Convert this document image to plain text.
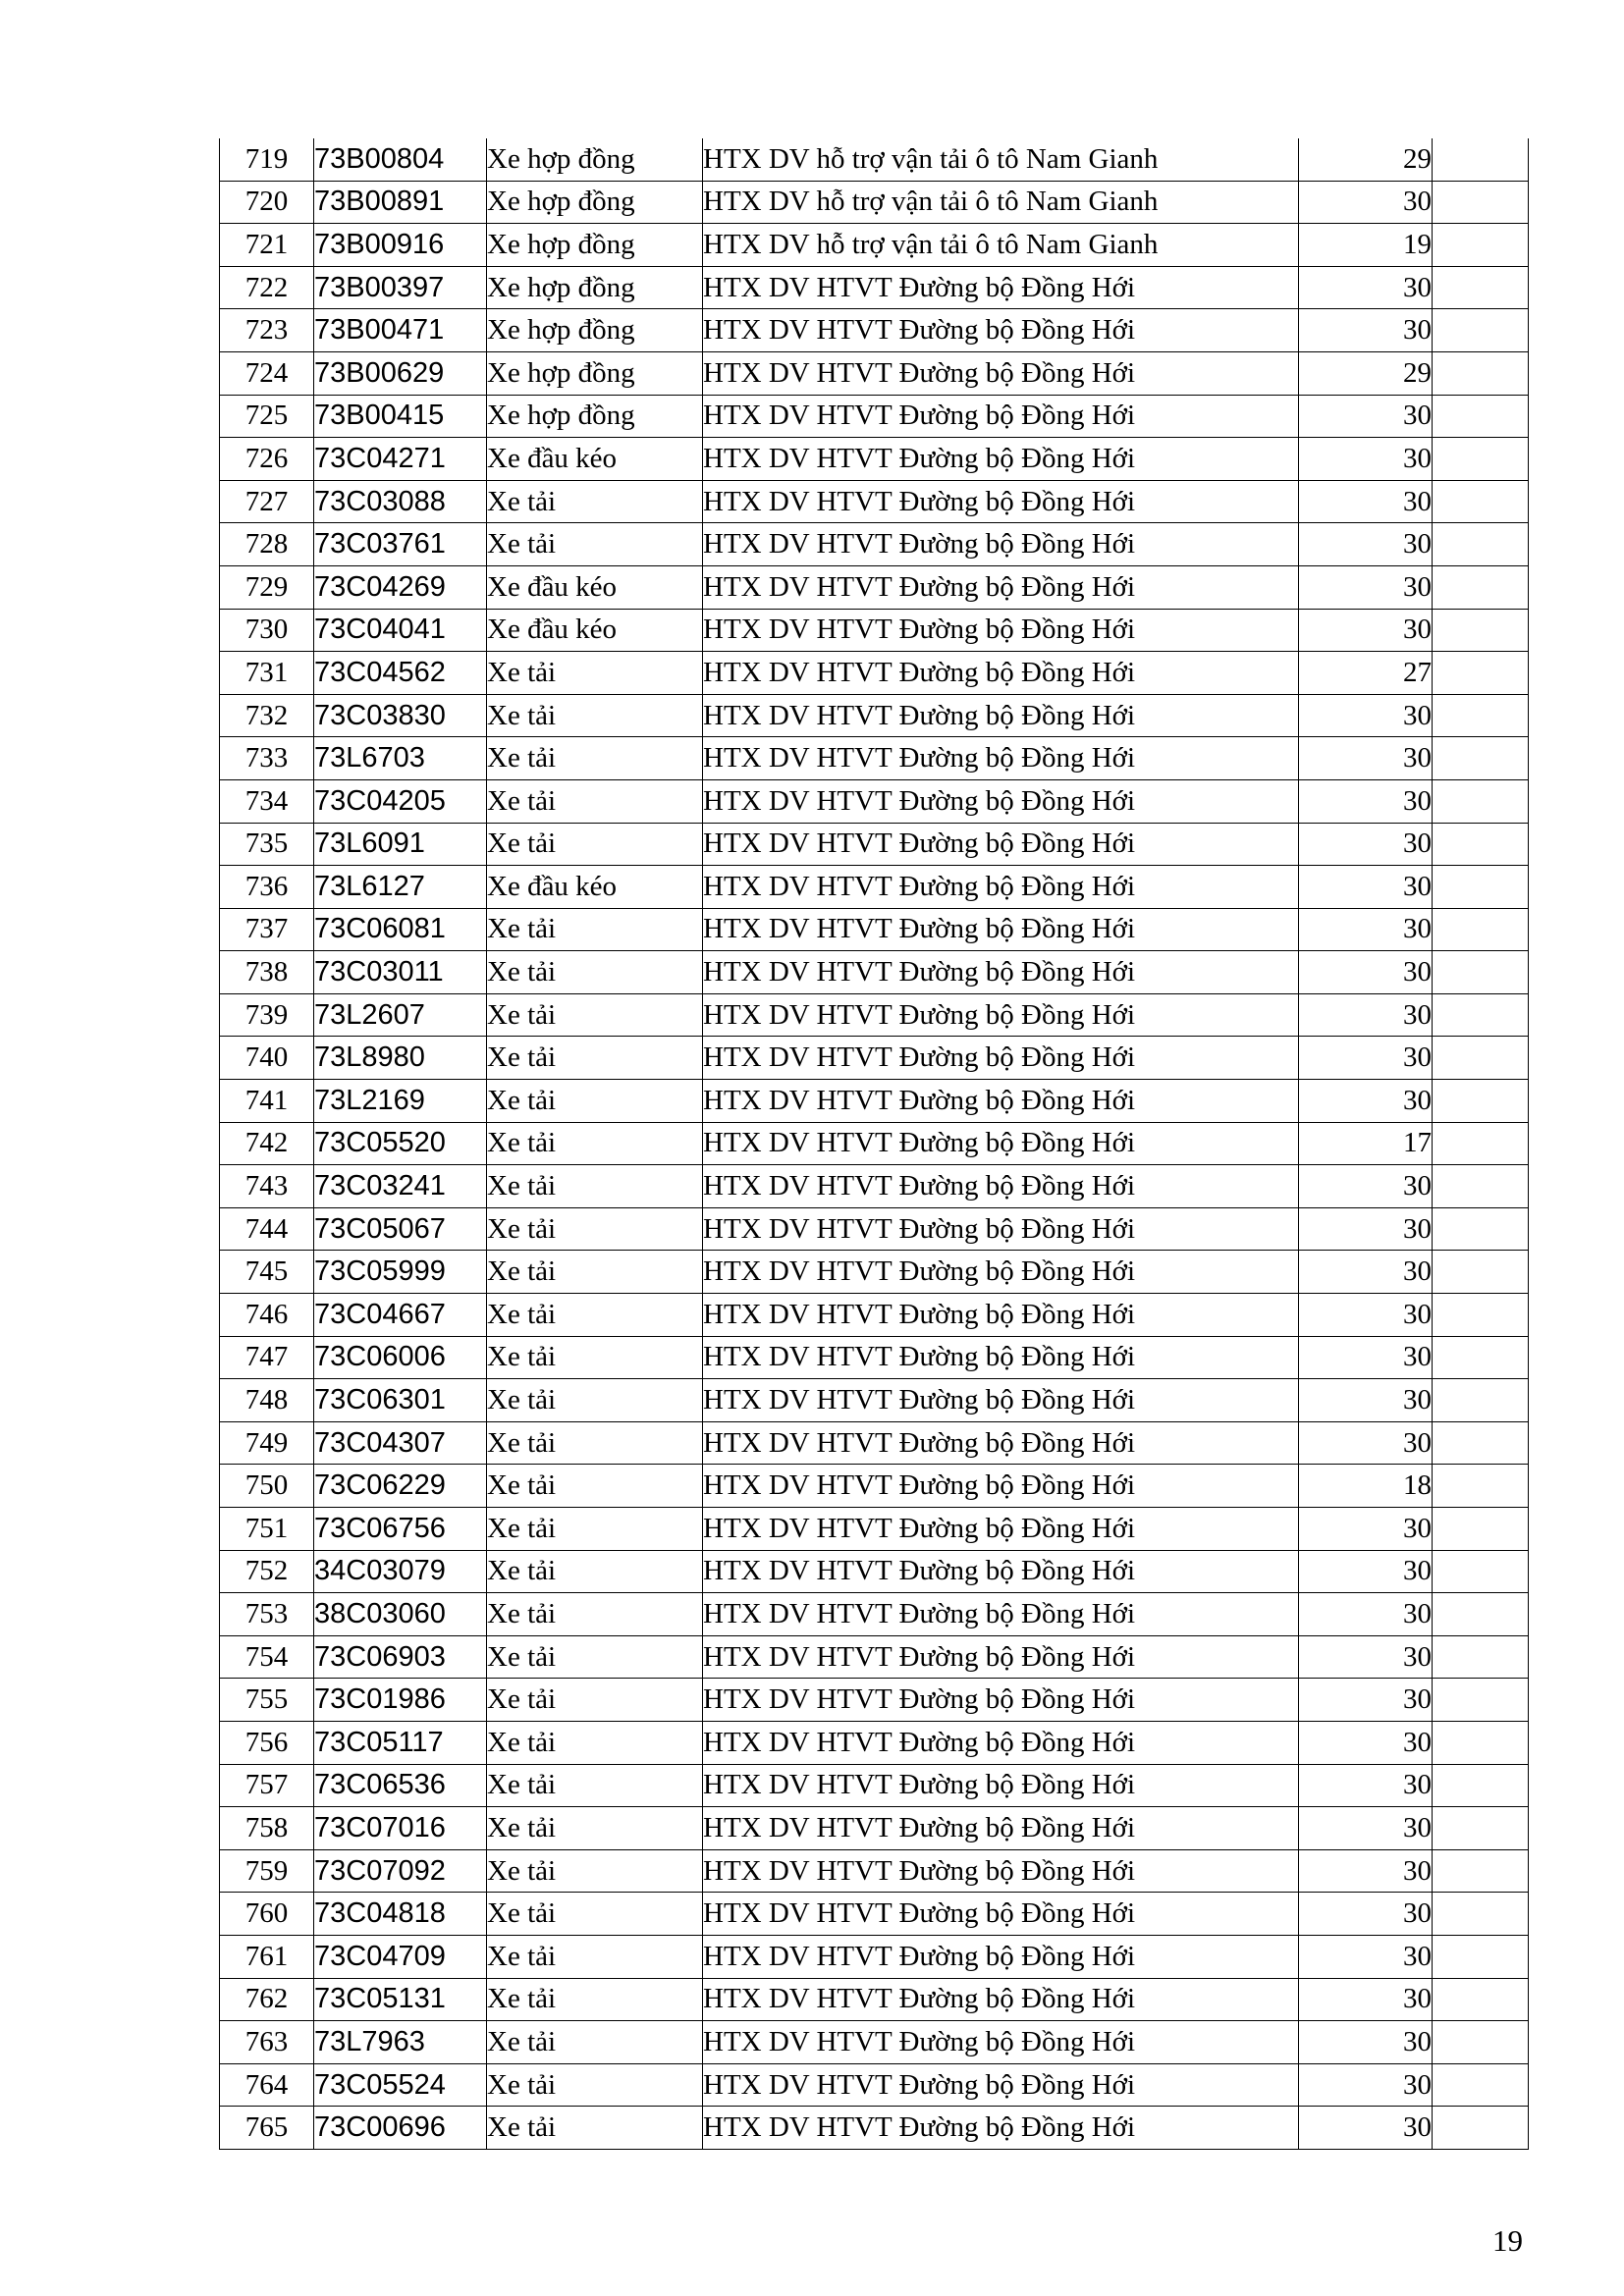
719	73B00804	Xe hợp đồng	HTX DV hỗ trợ vận tải ô tô Nam Gianh	29	
720	73B00891	Xe hợp đồng	HTX DV hỗ trợ vận tải ô tô Nam Gianh	30	
721	73B00916	Xe hợp đồng	HTX DV hỗ trợ vận tải ô tô Nam Gianh	19	
722	73B00397	Xe hợp đồng	HTX DV HTVT Đường bộ Đồng Hới	30	
723	73B00471	Xe hợp đồng	HTX DV HTVT Đường bộ Đồng Hới	30	
724	73B00629	Xe hợp đồng	HTX DV HTVT Đường bộ Đồng Hới	29	
725	73B00415	Xe hợp đồng	HTX DV HTVT Đường bộ Đồng Hới	30	
726	73C04271	Xe đầu kéo	HTX DV HTVT Đường bộ Đồng Hới	30	
727	73C03088	Xe tải	HTX DV HTVT Đường bộ Đồng Hới	30	
728	73C03761	Xe tải	HTX DV HTVT Đường bộ Đồng Hới	30	
729	73C04269	Xe đầu kéo	HTX DV HTVT Đường bộ Đồng Hới	30	
730	73C04041	Xe đầu kéo	HTX DV HTVT Đường bộ Đồng Hới	30	
731	73C04562	Xe tải	HTX DV HTVT Đường bộ Đồng Hới	27	
732	73C03830	Xe tải	HTX DV HTVT Đường bộ Đồng Hới	30	
733	73L6703	Xe tải	HTX DV HTVT Đường bộ Đồng Hới	30	
734	73C04205	Xe tải	HTX DV HTVT Đường bộ Đồng Hới	30	
735	73L6091	Xe tải	HTX DV HTVT Đường bộ Đồng Hới	30	
736	73L6127	Xe đầu kéo	HTX DV HTVT Đường bộ Đồng Hới	30	
737	73C06081	Xe tải	HTX DV HTVT Đường bộ Đồng Hới	30	
738	73C03011	Xe tải	HTX DV HTVT Đường bộ Đồng Hới	30	
739	73L2607	Xe tải	HTX DV HTVT Đường bộ Đồng Hới	30	
740	73L8980	Xe tải	HTX DV HTVT Đường bộ Đồng Hới	30	
741	73L2169	Xe tải	HTX DV HTVT Đường bộ Đồng Hới	30	
742	73C05520	Xe tải	HTX DV HTVT Đường bộ Đồng Hới	17	
743	73C03241	Xe tải	HTX DV HTVT Đường bộ Đồng Hới	30	
744	73C05067	Xe tải	HTX DV HTVT Đường bộ Đồng Hới	30	
745	73C05999	Xe tải	HTX DV HTVT Đường bộ Đồng Hới	30	
746	73C04667	Xe tải	HTX DV HTVT Đường bộ Đồng Hới	30	
747	73C06006	Xe tải	HTX DV HTVT Đường bộ Đồng Hới	30	
748	73C06301	Xe tải	HTX DV HTVT Đường bộ Đồng Hới	30	
749	73C04307	Xe tải	HTX DV HTVT Đường bộ Đồng Hới	30	
750	73C06229	Xe tải	HTX DV HTVT Đường bộ Đồng Hới	18	
751	73C06756	Xe tải	HTX DV HTVT Đường bộ Đồng Hới	30	
752	34C03079	Xe tải	HTX DV HTVT Đường bộ Đồng Hới	30	
753	38C03060	Xe tải	HTX DV HTVT Đường bộ Đồng Hới	30	
754	73C06903	Xe tải	HTX DV HTVT Đường bộ Đồng Hới	30	
755	73C01986	Xe tải	HTX DV HTVT Đường bộ Đồng Hới	30	
756	73C05117	Xe tải	HTX DV HTVT Đường bộ Đồng Hới	30	
757	73C06536	Xe tải	HTX DV HTVT Đường bộ Đồng Hới	30	
758	73C07016	Xe tải	HTX DV HTVT Đường bộ Đồng Hới	30	
759	73C07092	Xe tải	HTX DV HTVT Đường bộ Đồng Hới	30	
760	73C04818	Xe tải	HTX DV HTVT Đường bộ Đồng Hới	30	
761	73C04709	Xe tải	HTX DV HTVT Đường bộ Đồng Hới	30	
762	73C05131	Xe tải	HTX DV HTVT Đường bộ Đồng Hới	30	
763	73L7963	Xe tải	HTX DV HTVT Đường bộ Đồng Hới	30	
764	73C05524	Xe tải	HTX DV HTVT Đường bộ Đồng Hới	30	
765	73C00696	Xe tải	HTX DV HTVT Đường bộ Đồng Hới	30	
19
